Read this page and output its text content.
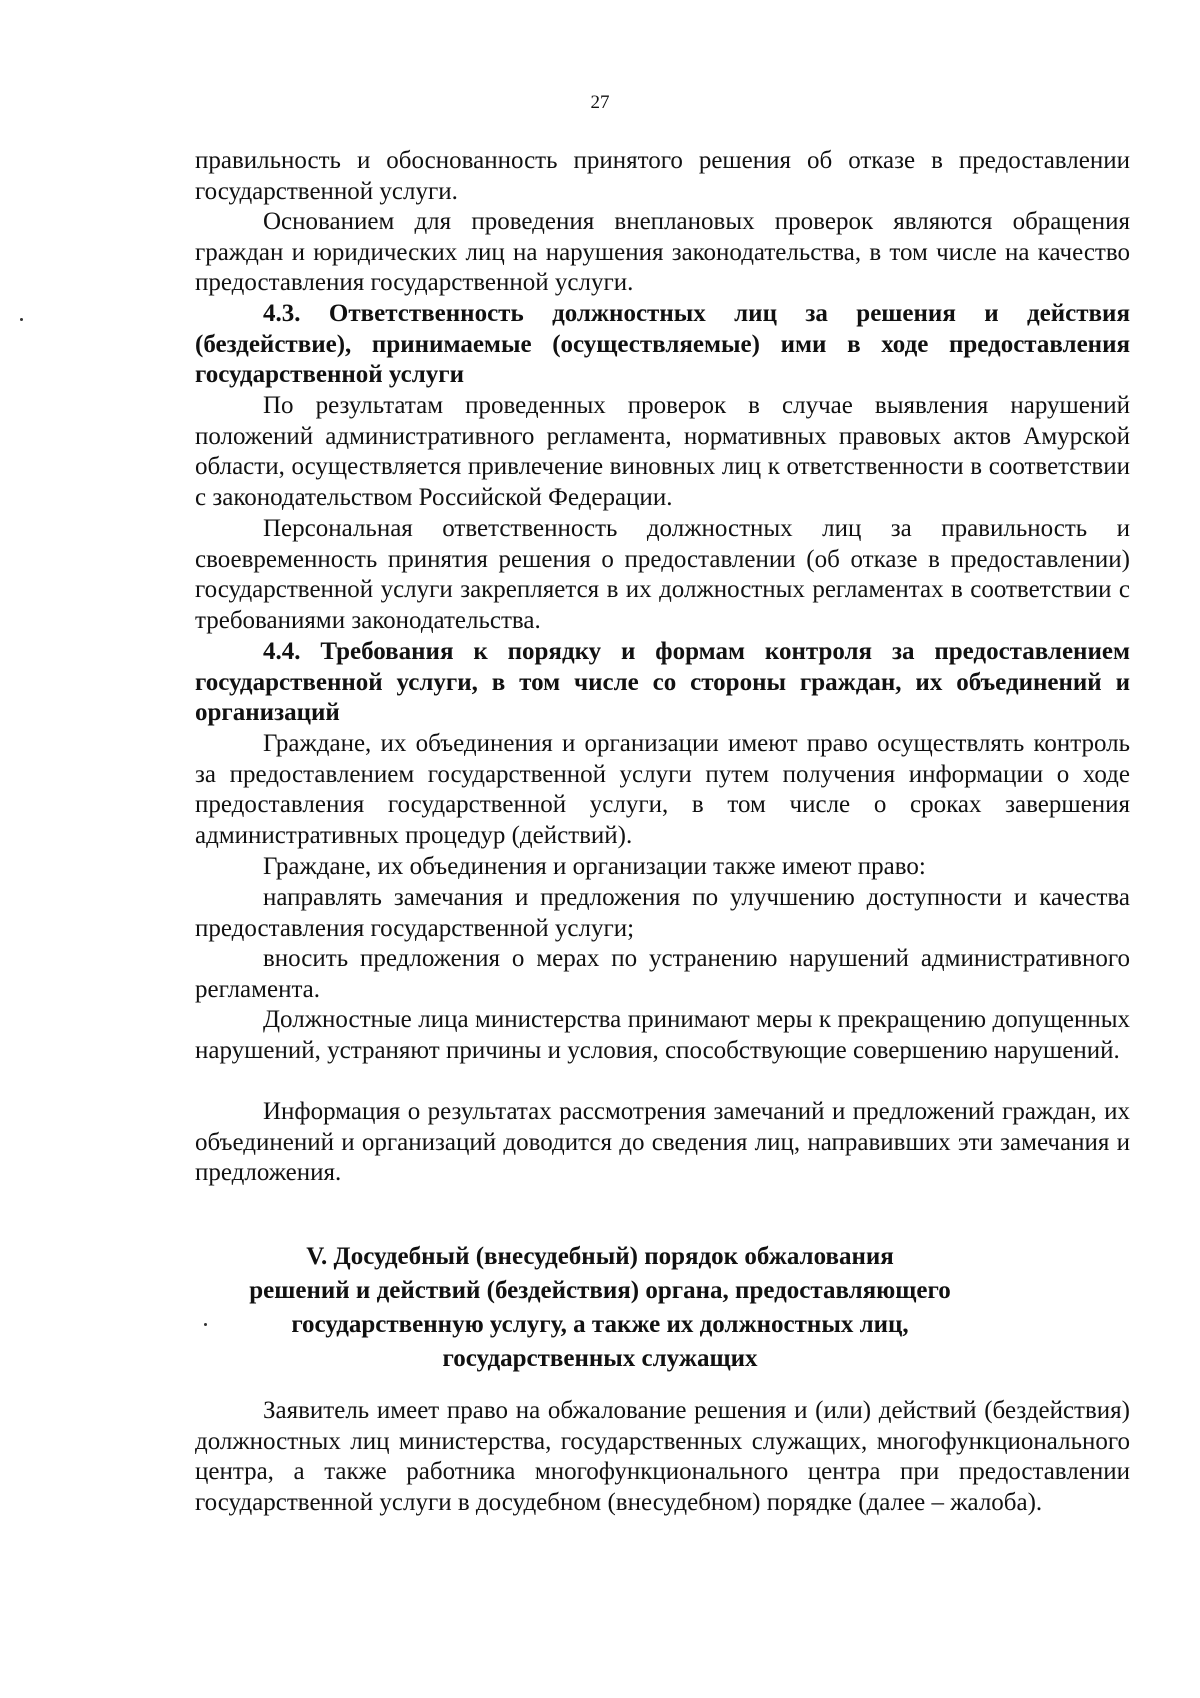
27

правильность и обоснованность принятого решения об отказе в предоставлении государственной услуги.

Основанием для проведения внеплановых проверок являются обращения граждан и юридических лиц на нарушения законодательства, в том числе на качество предоставления государственной услуги.

4.3. Ответственность должностных лиц за решения и действия (бездействие), принимаемые (осуществляемые) ими в ходе предоставления государственной услуги

По результатам проведенных проверок в случае выявления нарушений положений административного регламента, нормативных правовых актов Амурской области, осуществляется привлечение виновных лиц к ответственности в соответствии с законодательством Российской Федерации.

Персональная ответственность должностных лиц за правильность и своевременность принятия решения о предоставлении (об отказе в предоставлении) государственной услуги закрепляется в их должностных регламентах в соответствии с требованиями законодательства.

4.4. Требования к порядку и формам контроля за предоставлением государственной услуги, в том числе со стороны граждан, их объединений и организаций

Граждане, их объединения и организации имеют право осуществлять контроль за предоставлением государственной услуги путем получения информации о ходе предоставления государственной услуги, в том числе о сроках завершения административных процедур (действий).

Граждане, их объединения и организации также имеют право:

направлять замечания и предложения по улучшению доступности и качества предоставления государственной услуги;

вносить предложения о мерах по устранению нарушений административного регламента.

Должностные лица министерства принимают меры к прекращению допущенных нарушений, устраняют причины и условия, способствующие совершению нарушений.

Информация о результатах рассмотрения замечаний и предложений граждан, их объединений и организаций доводится до сведения лиц, направивших эти замечания и предложения.

V. Досудебный (внесудебный) порядок обжалования
решений и действий (бездействия) органа, предоставляющего
государственную услугу, а также их должностных лиц,
государственных служащих

Заявитель имеет право на обжалование решения и (или) действий (бездействия) должностных лиц министерства, государственных служащих, многофункционального центра, а также работника многофункционального центра при предоставлении государственной услуги в досудебном (внесудебном) порядке (далее – жалоба).
